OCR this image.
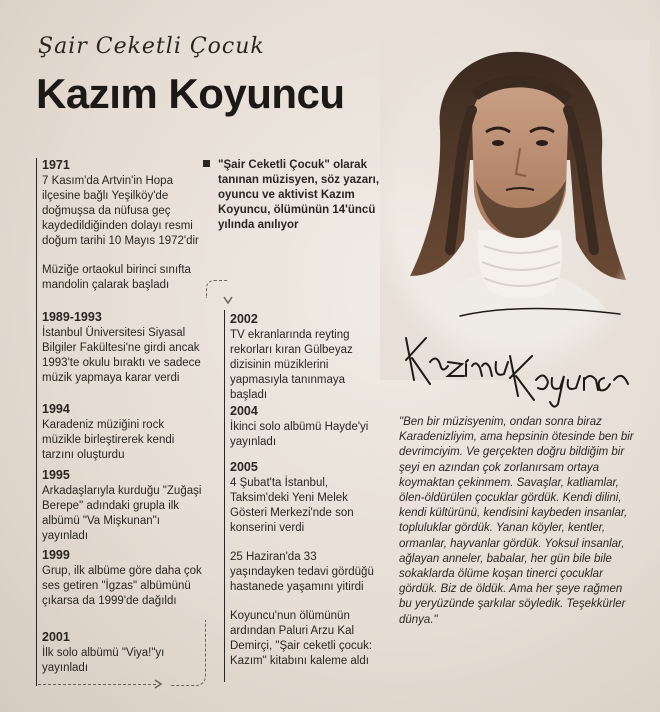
Şair Ceketli Çocuk
Kazım Koyuncu
"Şair Ceketli Çocuk" olarak tanınan müzisyen, söz yazarı, oyuncu ve aktivist Kazım Koyuncu, ölümünün 14'üncü yılında anılıyor
1971
7 Kasım'da Artvin'in Hopa ilçesine bağlı Yeşilköy'de doğmuşsa da nüfusa geç kaydedildiğinden dolayı resmi doğum tarihi 10 Mayıs 1972'dir
Müziğe ortaokul birinci sınıfta mandolin çalarak başladı
1989-1993
İstanbul Üniversitesi Siyasal Bilgiler Fakültesi'ne girdi ancak 1993'te okulu bıraktı ve sadece müzik yapmaya karar verdi
1994
Karadeniz müziğini rock müzikle birleştirerek kendi tarzını oluşturdu
1995
Arkadaşlarıyla kurduğu "Zuğaşi Berepe" adındaki grupla ilk albümü "Va Mişkunan"ı yayınladı
1999
Grup, ilk albüme göre daha çok ses getiren "İgzas" albümünü çıkarsa da 1999'de dağıldı
2001
İlk solo albümü "Viya!"yı yayınladı
2002
TV ekranlarında reyting rekorları kıran Gülbeyaz dizisinin müziklerini yapmasıyla tanınmaya başladı
2004
İkinci solo albümü Hayde'yi yayınladı
2005
4 Şubat'ta İstanbul, Taksim'deki Yeni Melek Gösteri Merkezi'nde son konserini verdi
25 Haziran'da 33 yaşındayken tedavi gördüğü hastanede yaşamını yitirdi
Koyuncu'nun ölümünün ardından Paluri Arzu Kal Demirçi, "Şair ceketli çocuk: Kazım" kitabını kaleme aldı
"Ben bir müzisyenim, ondan sonra biraz Karadenizliyim, ama hepsinin ötesinde ben bir devrimciyim. Ve gerçekten doğru bildiğim bir şeyi en azından çok zorlanırsam ortaya koymaktan çekinmem. Savaşlar, katliamlar, ölen-öldürülen çocuklar gördük. Kendi dilini, kendi kültürünü, kendisini kaybeden insanlar, topluluklar gördük. Yanan köyler, kentler, ormanlar, hayvanlar gördük. Yoksul insanlar, ağlayan anneler, babalar, her gün bile bile sokaklarda ölüme koşan tinerci çocuklar gördük. Biz de öldük. Ama her şeye rağmen bu yeryüzünde şarkılar söyledik. Teşekkürler dünya."
